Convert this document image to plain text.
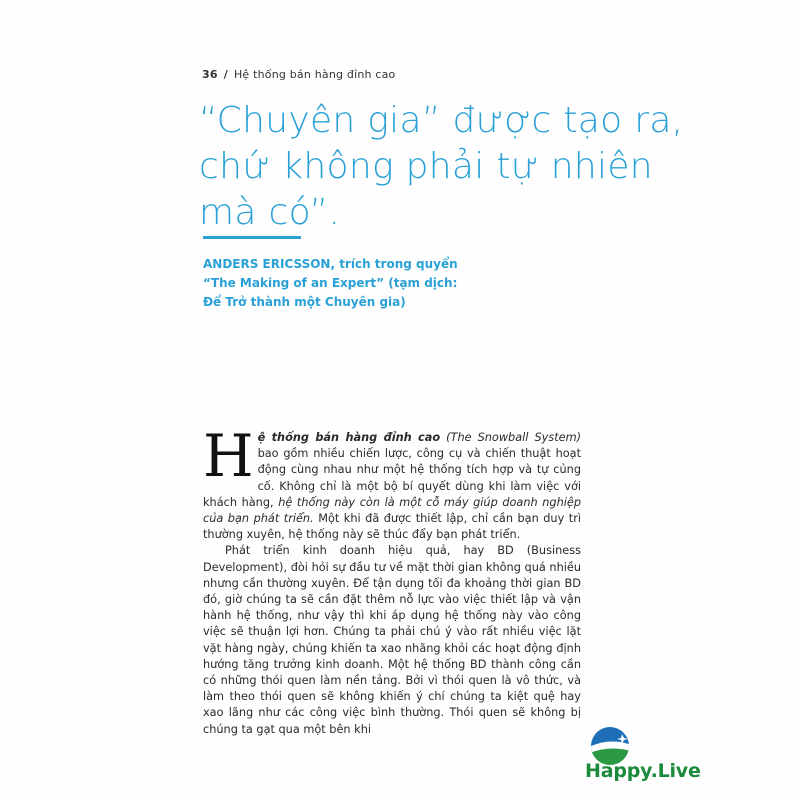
36 / Hệ thống bán hàng đỉnh cao
“Chuyên gia” được tạo ra,
chứ không phải tự nhiên
mà có”.
ANDERS ERICSSON, trích trong quyển
“The Making of an Expert” (tạm dịch:
Để Trở thành một Chuyên gia)

Hệ thống bán hàng đỉnh cao (The Snowball System) bao gồm nhiều chiến lược, công cụ và chiến thuật hoạt động cùng nhau như một hệ thống tích hợp và tự củng cố. Không chỉ là một bộ bí quyết dùng khi làm việc với khách hàng, hệ thống này còn là một cỗ máy giúp doanh nghiệp của bạn phát triển. Một khi đã được thiết lập, chỉ cần bạn duy trì thường xuyên, hệ thống này sẽ thúc đẩy bạn phát triển.

Phát triển kinh doanh hiệu quả, hay BD (Business Development), đòi hỏi sự đầu tư về mặt thời gian không quá nhiều nhưng cần thường xuyên. Để tận dụng tối đa khoảng thời gian BD đó, giờ chúng ta sẽ cần đặt thêm nỗ lực vào việc thiết lập và vận hành hệ thống, như vậy thì khi áp dụng hệ thống này vào công việc sẽ thuận lợi hơn. Chúng ta phải chú ý vào rất nhiều việc lặt vặt hàng ngày, chúng khiến ta xao nhãng khỏi các hoạt động định hướng tăng trưởng kinh doanh. Một hệ thống BD thành công cần có những thói quen làm nền tảng. Bởi vì thói quen là vô thức, và làm theo thói quen sẽ không khiến ý chí chúng ta kiệt quệ hay xao lãng như các công việc bình thường. Thói quen sẽ không bị chúng ta gạt qua một bên khi

Happy.Live
